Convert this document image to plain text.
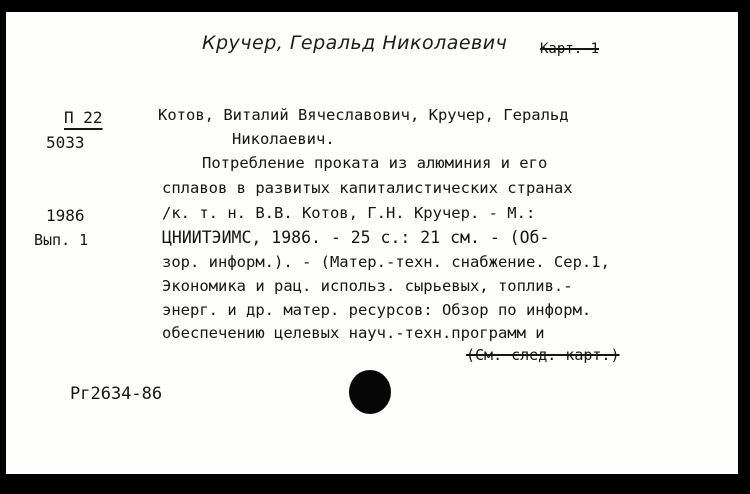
Кручер, Геральд Николаевич Карт. 1
П 22
5033
1986
Вып. 1
Котов, Виталий Вячеславович, Кручер, Геральд
Николаевич.
Потребление проката из алюминия и его
сплавов в развитых капиталистических странах
/к. т. н. В.В. Котов, Г.Н. Кручер. - М.:
ЦНИИТЭИМС, 1986. - 25 с.: 21 см. - (Об-
зор. информ.). - (Матер.-техн. снабжение. Сер.1,
Экономика и рац. использ. сырьевых, топлив.-
энерг. и др. матер. ресурсов: Обзор по информ.
обеспечению целевых науч.-техн.программ и
(См. след. карт.)
Рг2634-86
